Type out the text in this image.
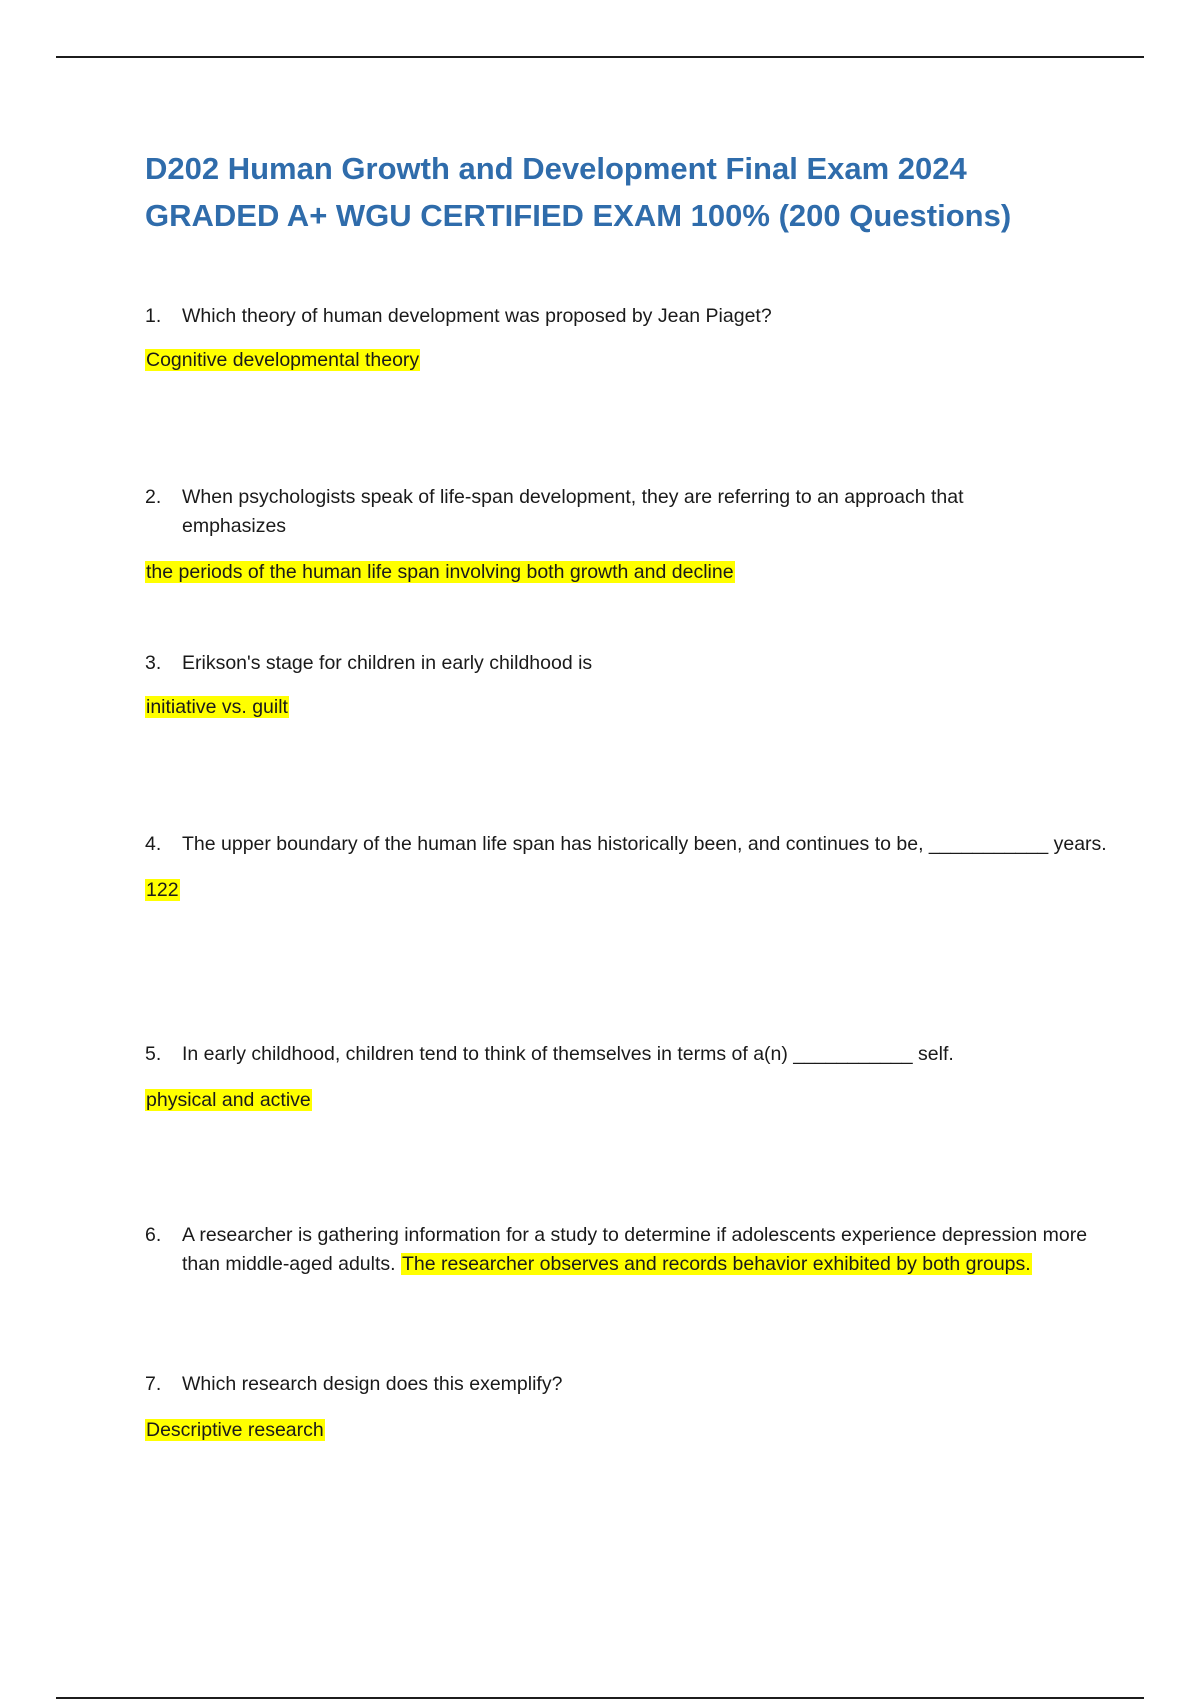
D202 Human Growth and Development Final Exam 2024
GRADED A+ WGU CERTIFIED EXAM 100% (200 Questions)

1. Which theory of human development was proposed by Jean Piaget?

Cognitive developmental theory

2. When psychologists speak of life-span development, they are referring to an approach that emphasizes

the periods of the human life span involving both growth and decline

3. Erikson's stage for children in early childhood is

initiative vs. guilt

4. The upper boundary of the human life span has historically been, and continues to be, ___________ years.

122

5. In early childhood, children tend to think of themselves in terms of a(n) ___________ self.

physical and active

6. A researcher is gathering information for a study to determine if adolescents experience depression more than middle-aged adults. The researcher observes and records behavior exhibited by both groups.

7. Which research design does this exemplify?

Descriptive research
